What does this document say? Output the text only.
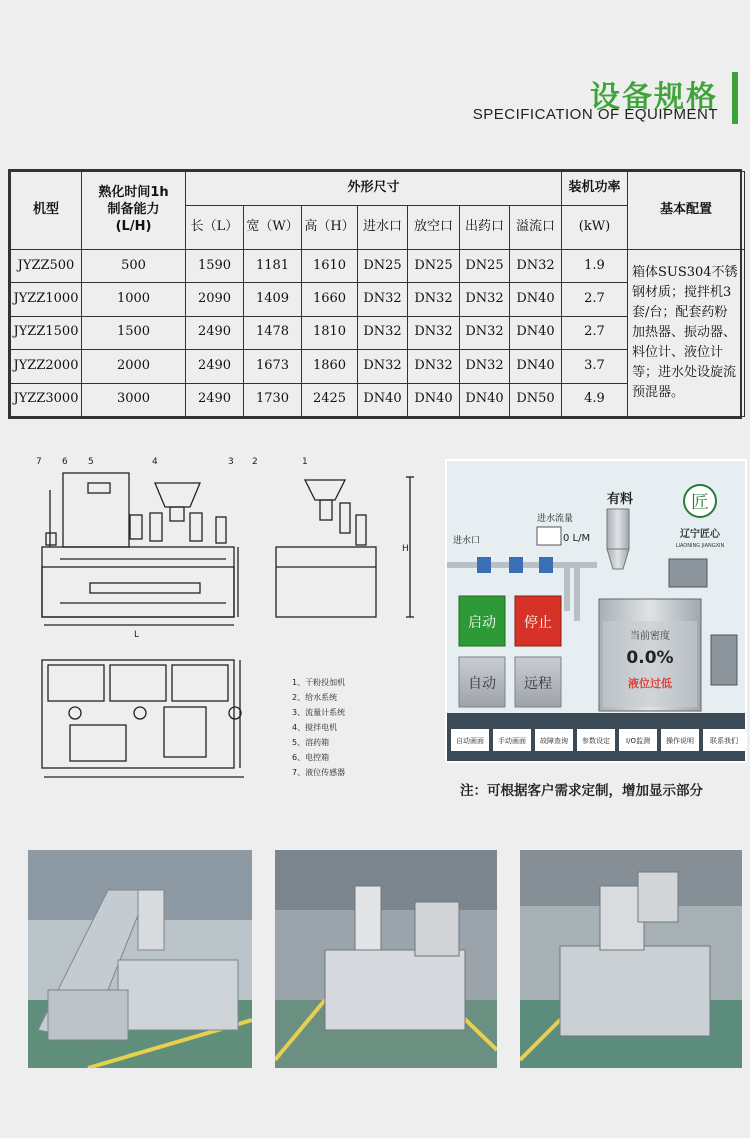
设备规格
SPECIFICATION OF EQUIPMENT
机型	熟化时间1h
制备能力
(L/H)	外形尺寸							装机功率	基本配置
		长（L）	宽（W）	高（H）	进水口	放空口	出药口	溢流口	(kW)	
JYZZ500	500	1590	1181	1610	DN25	DN25	DN25	DN32	1.9	箱体SUS304不锈钢材质；搅拌机3套/台；配套药粉加热器、振动器、料位计、液位计等；进水处设旋流预混器。
JYZZ1000	1000	2090	1409	1660	DN32	DN32	DN32	DN40	2.7	
JYZZ1500	1500	2490	1478	1810	DN32	DN32	DN32	DN40	2.7	
JYZZ2000	2000	2490	1673	1860	DN32	DN32	DN32	DN40	3.7	
JYZZ3000	3000	2490	1730	2425	DN40	DN40	DN40	DN50	4.9	
7 6 5	4	3 2	1
L
H
1、干粉投加机
2、给水系统
3、流量计系统
4、搅拌电机
5、溶药箱
6、电控箱
7、液位传感器
匠
辽宁匠心
LIAONING JIANGXIN
有料
进水口
进水流量
0 L/M
启动 停止
自动 远程
当前密度
0.0%
液位过低
自动画面 手动画面 故障查询 参数设定 I/O监测 操作说明 联系我们
注：可根据客户需求定制，增加显示部分
